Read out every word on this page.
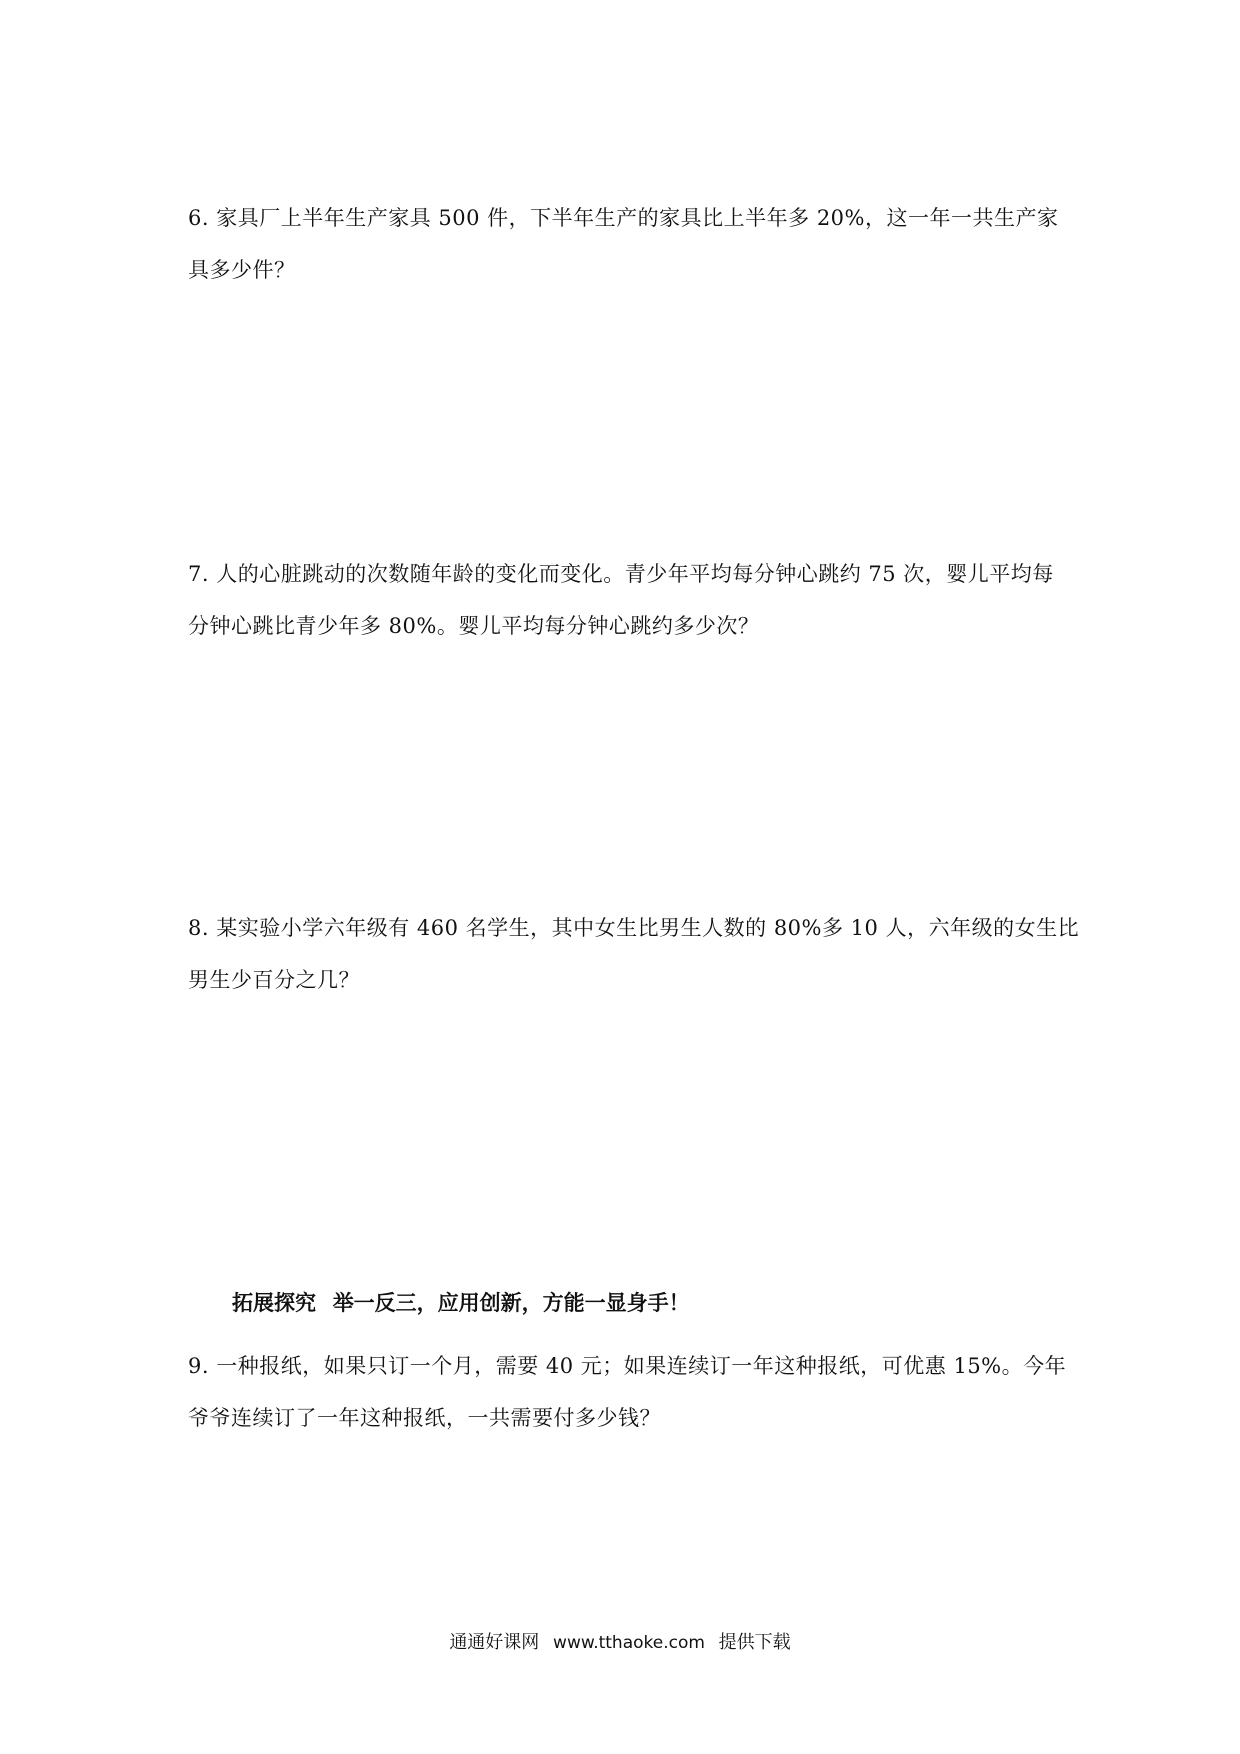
6. 家具厂上半年生产家具 500 件，下半年生产的家具比上半年多 20%，这一年一共生产家
具多少件？
7. 人的心脏跳动的次数随年龄的变化而变化。青少年平均每分钟心跳约 75 次，婴儿平均每
分钟心跳比青少年多 80%。婴儿平均每分钟心跳约多少次？
8. 某实验小学六年级有 460 名学生，其中女生比男生人数的 80%多 10 人，六年级的女生比
男生少百分之几？
拓展探究 举一反三，应用创新，方能一显身手！
9. 一种报纸，如果只订一个月，需要 40 元；如果连续订一年这种报纸，可优惠 15%。今年
爷爷连续订了一年这种报纸，一共需要付多少钱？
通通好课网 www.tthaoke.com 提供下载
